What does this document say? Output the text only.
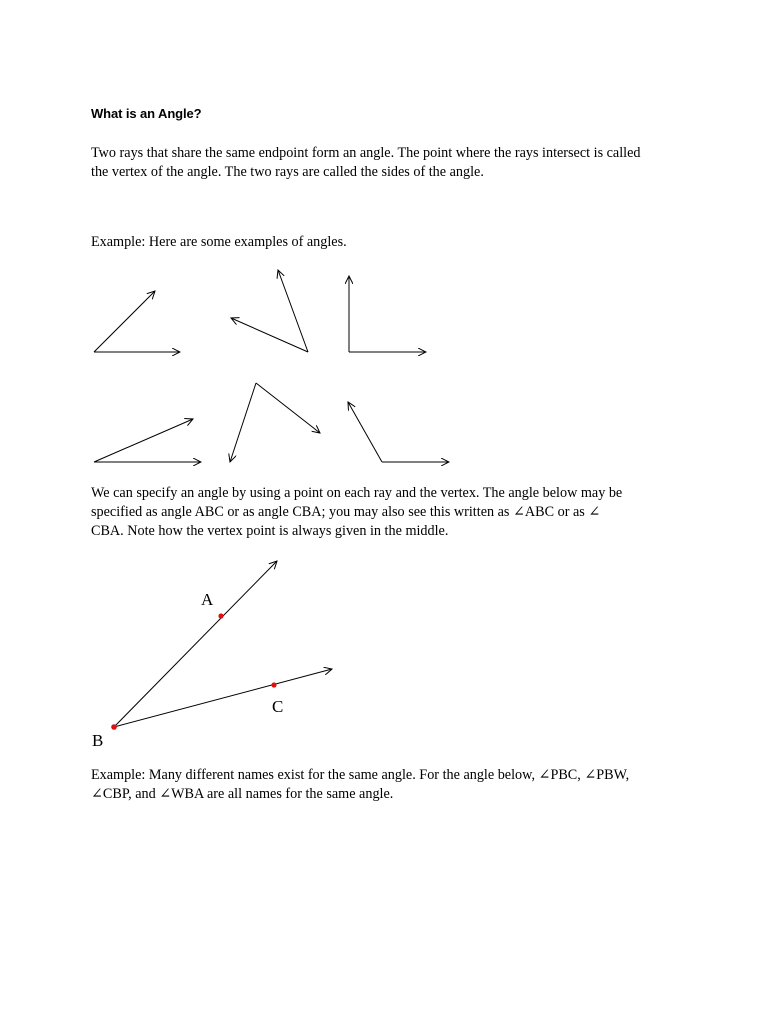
What is an Angle?

Two rays that share the same endpoint form an angle. The point where the rays intersect is called
the vertex of the angle. The two rays are called the sides of the angle.

Example: Here are some examples of angles.

We can specify an angle by using a point on each ray and the vertex. The angle below may be
specified as angle ABC or as angle CBA; you may also see this written as ∠ABC or as ∠
CBA. Note how the vertex point is always given in the middle.

A
C
B

Example: Many different names exist for the same angle. For the angle below, ∠PBC, ∠PBW,
∠CBP, and ∠WBA are all names for the same angle.
